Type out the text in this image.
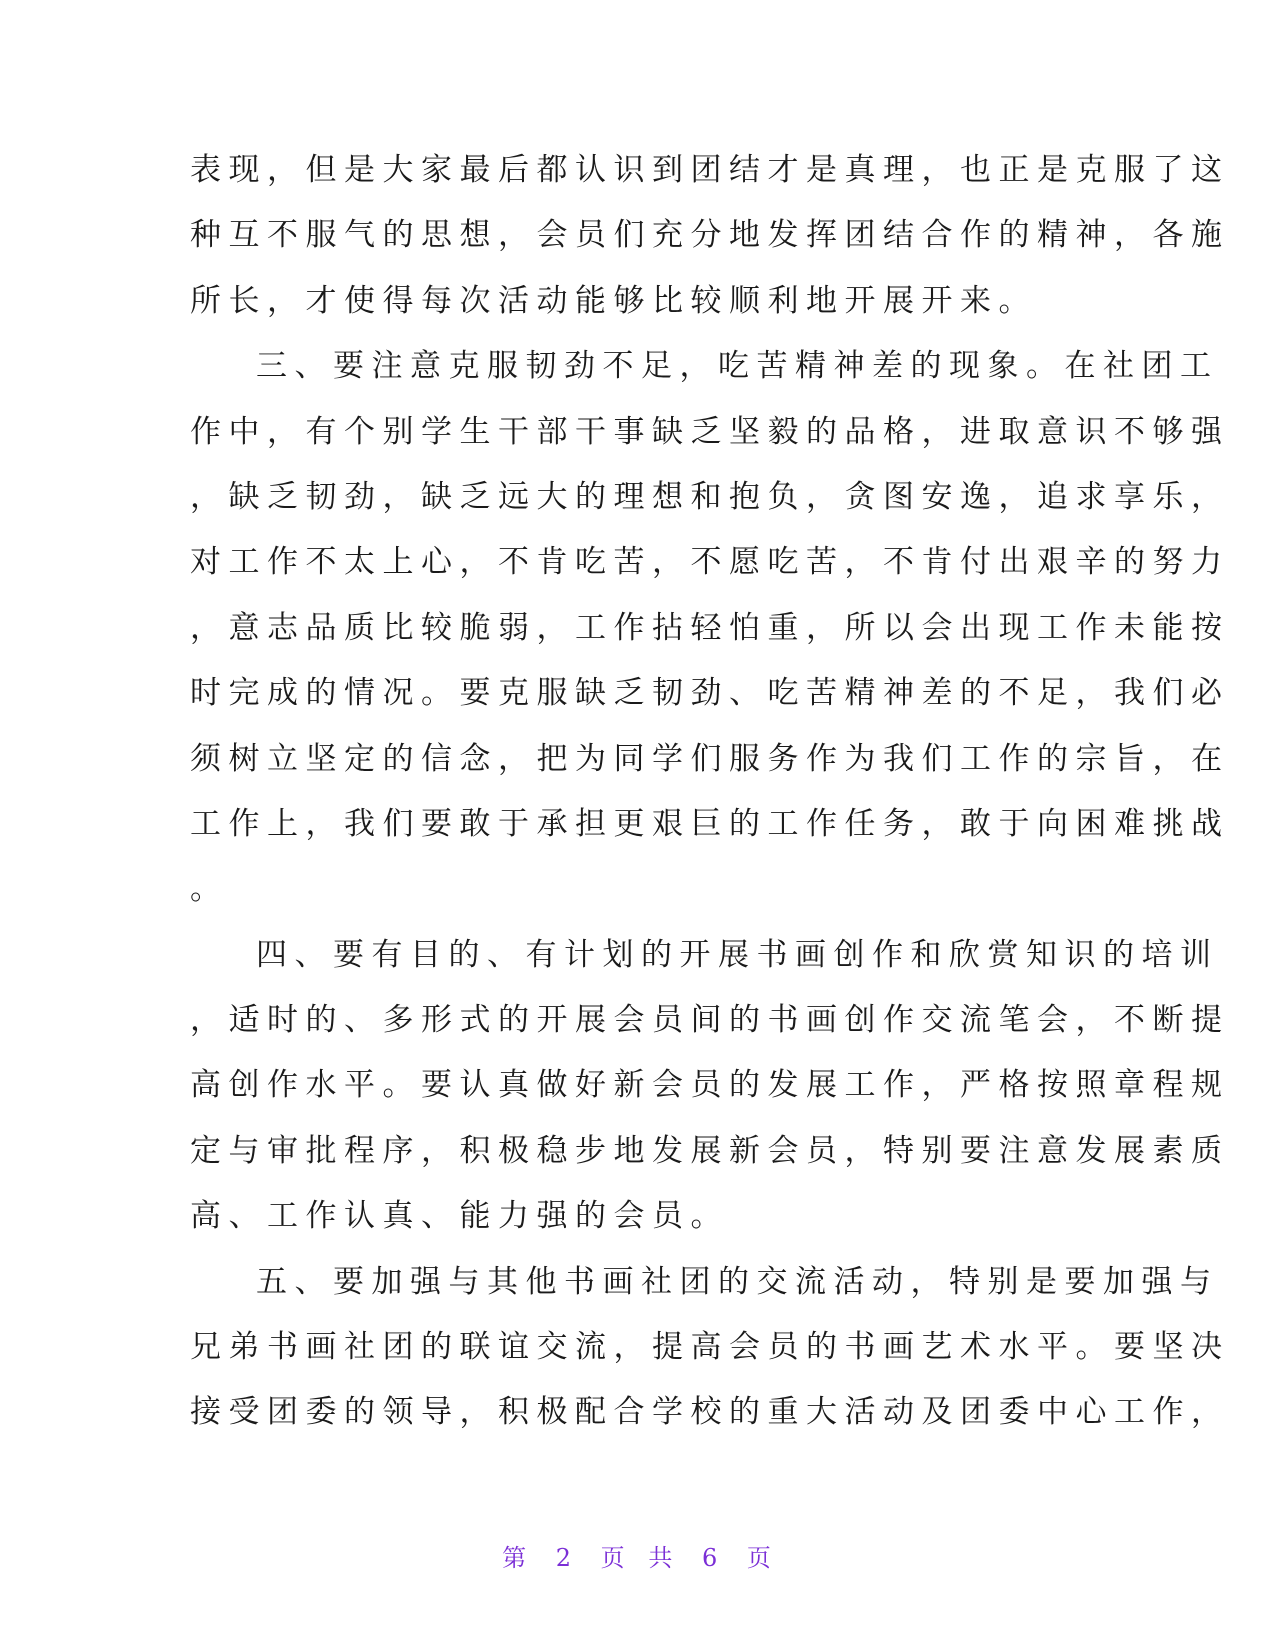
表现，但是大家最后都认识到团结才是真理，也正是克服了这
种互不服气的思想，会员们充分地发挥团结合作的精神，各施
所长，才使得每次活动能够比较顺利地开展开来。
三、要注意克服韧劲不足，吃苦精神差的现象。在社团工
作中，有个别学生干部干事缺乏坚毅的品格，进取意识不够强
，缺乏韧劲，缺乏远大的理想和抱负，贪图安逸，追求享乐，
对工作不太上心，不肯吃苦，不愿吃苦，不肯付出艰辛的努力
，意志品质比较脆弱，工作拈轻怕重，所以会出现工作未能按
时完成的情况。要克服缺乏韧劲、吃苦精神差的不足，我们必
须树立坚定的信念，把为同学们服务作为我们工作的宗旨，在
工作上，我们要敢于承担更艰巨的工作任务，敢于向困难挑战
。
四、要有目的、有计划的开展书画创作和欣赏知识的培训
，适时的、多形式的开展会员间的书画创作交流笔会，不断提
高创作水平。要认真做好新会员的发展工作，严格按照章程规
定与审批程序，积极稳步地发展新会员，特别要注意发展素质
高、工作认真、能力强的会员。
五、要加强与其他书画社团的交流活动，特别是要加强与
兄弟书画社团的联谊交流，提高会员的书画艺术水平。要坚决
接受团委的领导，积极配合学校的重大活动及团委中心工作，
第 2 页 共 6 页
